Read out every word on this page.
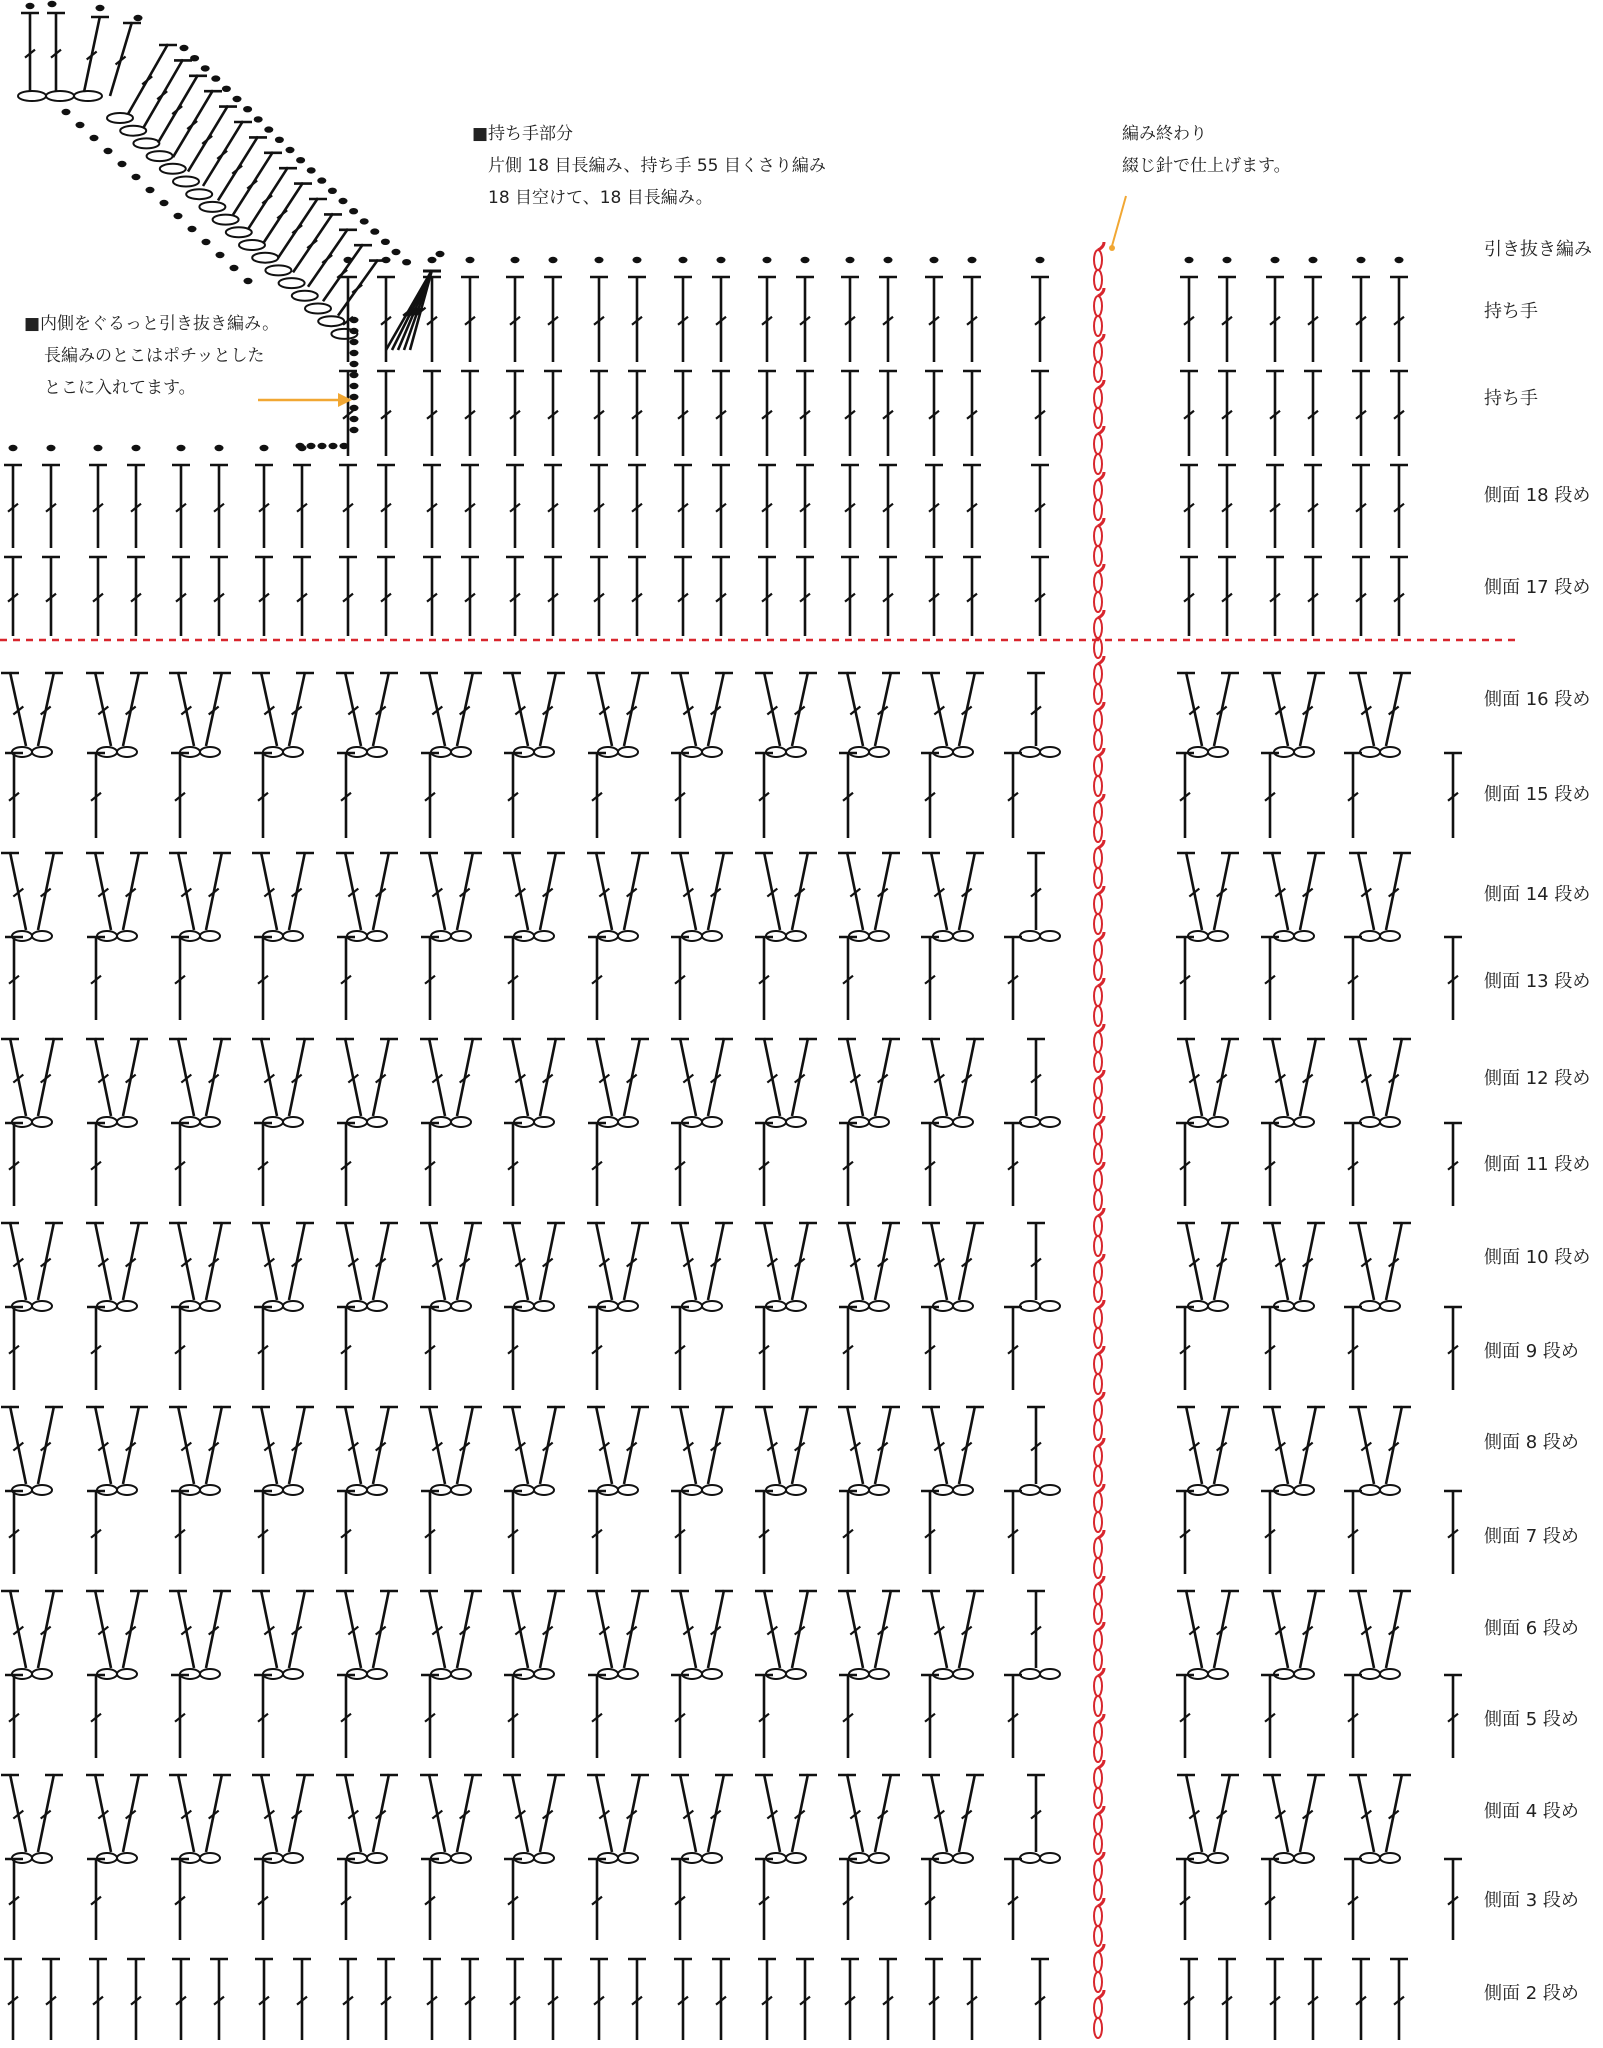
■持ち手部分
片側 18 目長編み、持ち手 55 目くさり編み
18 目空けて、18 目長編み。
編み終わり
綴じ針で仕上げます。
■内側をぐるっと引き抜き編み。
長編みのとこはポチッとした
とこに入れてます。
引き抜き編み
持ち手
持ち手
側面 18 段め
側面 17 段め
側面 16 段め
側面 15 段め
側面 14 段め
側面 13 段め
側面 12 段め
側面 11 段め
側面 10 段め
側面 9 段め
側面 8 段め
側面 7 段め
側面 6 段め
側面 5 段め
側面 4 段め
側面 3 段め
側面 2 段め
